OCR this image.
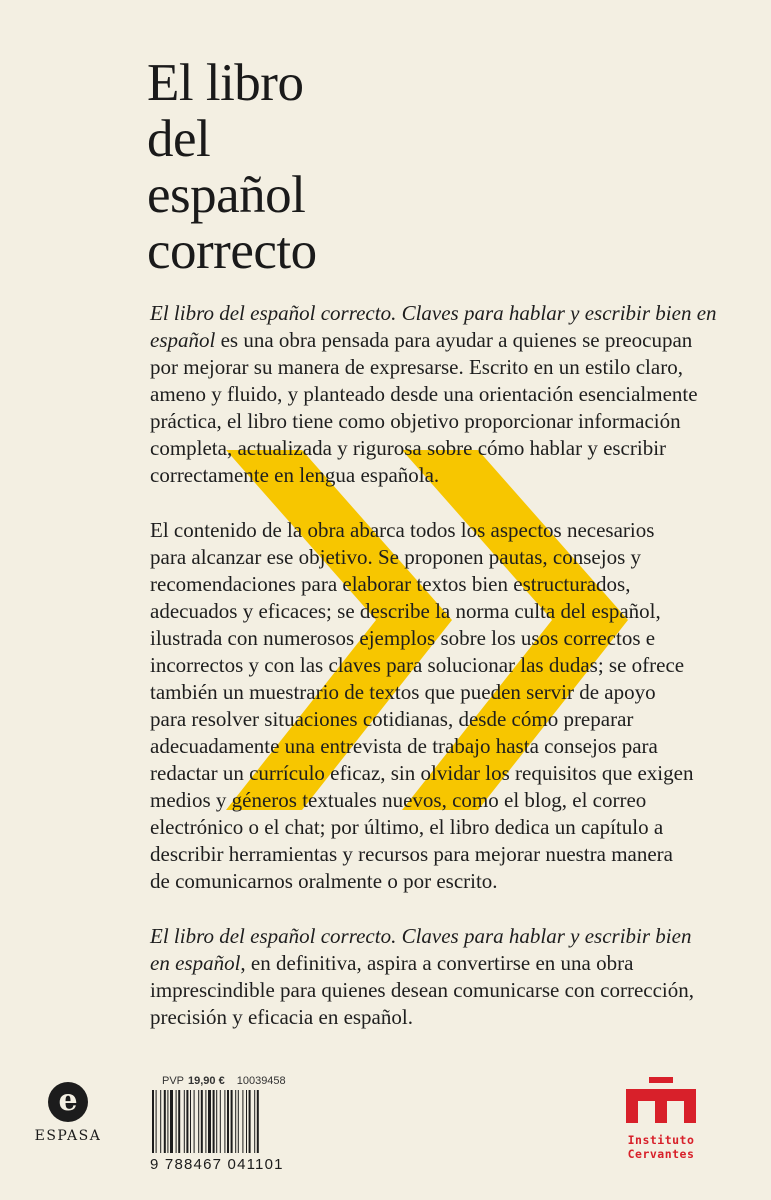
El libro
del
español
correcto

El libro del español correcto. Claves para hablar y escribir bien en
español es una obra pensada para ayudar a quienes se preocupan
por mejorar su manera de expresarse. Escrito en un estilo claro,
ameno y fluido, y planteado desde una orientación esencialmente
práctica, el libro tiene como objetivo proporcionar información
completa, actualizada y rigurosa sobre cómo hablar y escribir
correctamente en lengua española.

El contenido de la obra abarca todos los aspectos necesarios
para alcanzar ese objetivo. Se proponen pautas, consejos y
recomendaciones para elaborar textos bien estructurados,
adecuados y eficaces; se describe la norma culta del español,
ilustrada con numerosos ejemplos sobre los usos correctos e
incorrectos y con las claves para solucionar las dudas; se ofrece
también un muestrario de textos que pueden servir de apoyo
para resolver situaciones cotidianas, desde cómo preparar
adecuadamente una entrevista de trabajo hasta consejos para
redactar un currículo eficaz, sin olvidar los requisitos que exigen
medios y géneros textuales nuevos, como el blog, el correo
electrónico o el chat; por último, el libro dedica un capítulo a
describir herramientas y recursos para mejorar nuestra manera
de comunicarnos oralmente o por escrito.

El libro del español correcto. Claves para hablar y escribir bien
en español, en definitiva, aspira a convertirse en una obra
imprescindible para quienes desean comunicarse con corrección,
precisión y eficacia en español.

e
ESPASA
PVP 19,90 € 10039458
9 788467 041101
Instituto
Cervantes
